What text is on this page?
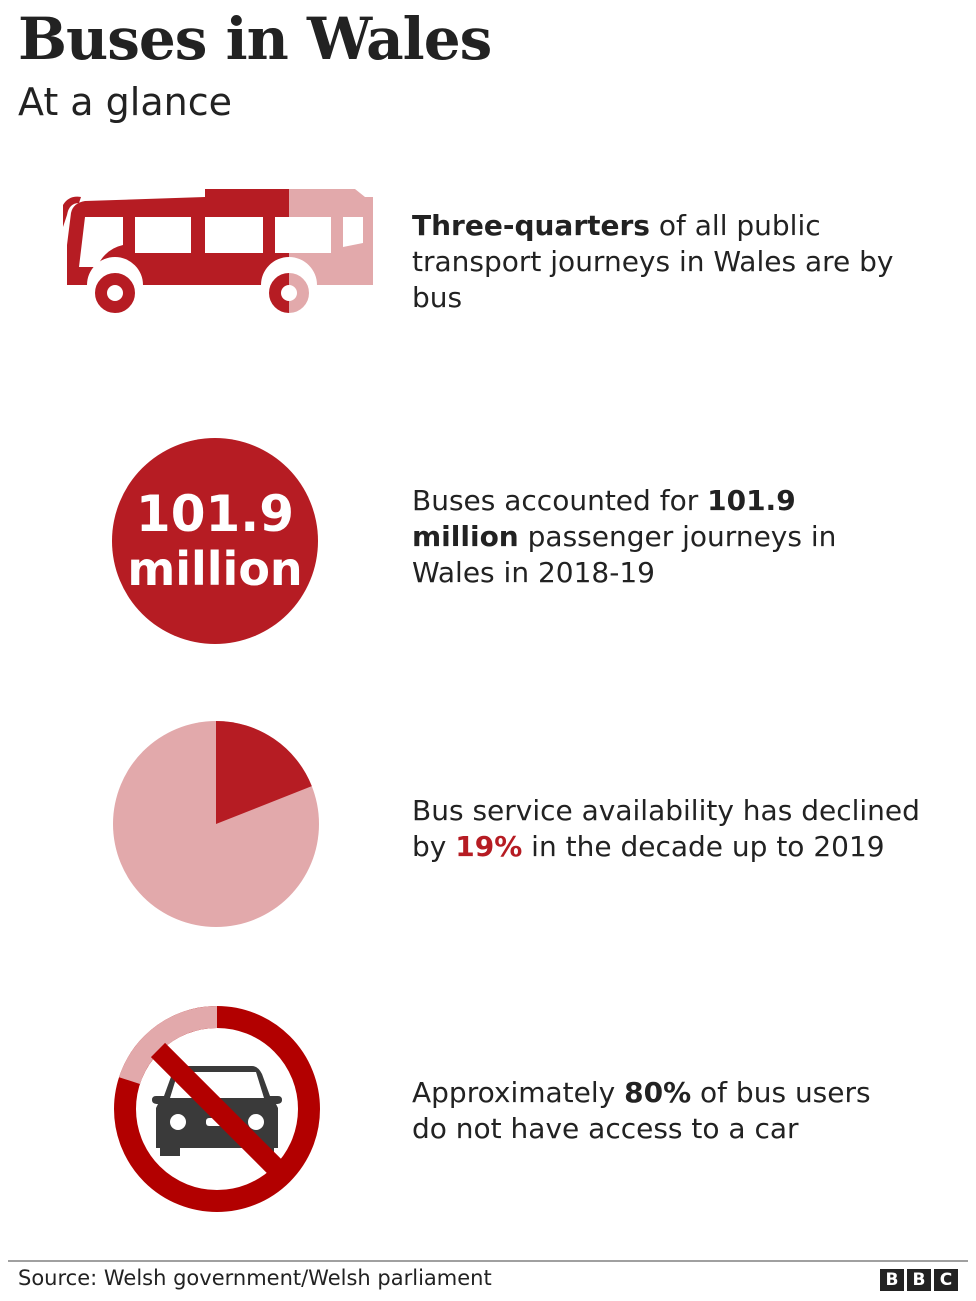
Buses in Wales
At a glance
Three-quarters of all public transport journeys in Wales are by bus
101.9
million
Buses accounted for 101.9 million passenger journeys in Wales in 2018-19
Bus service availability has declined by 19% in the decade up to 2019
Approximately 80% of bus users do not have access to a car
Source: Welsh government/Welsh parliament	B B C
